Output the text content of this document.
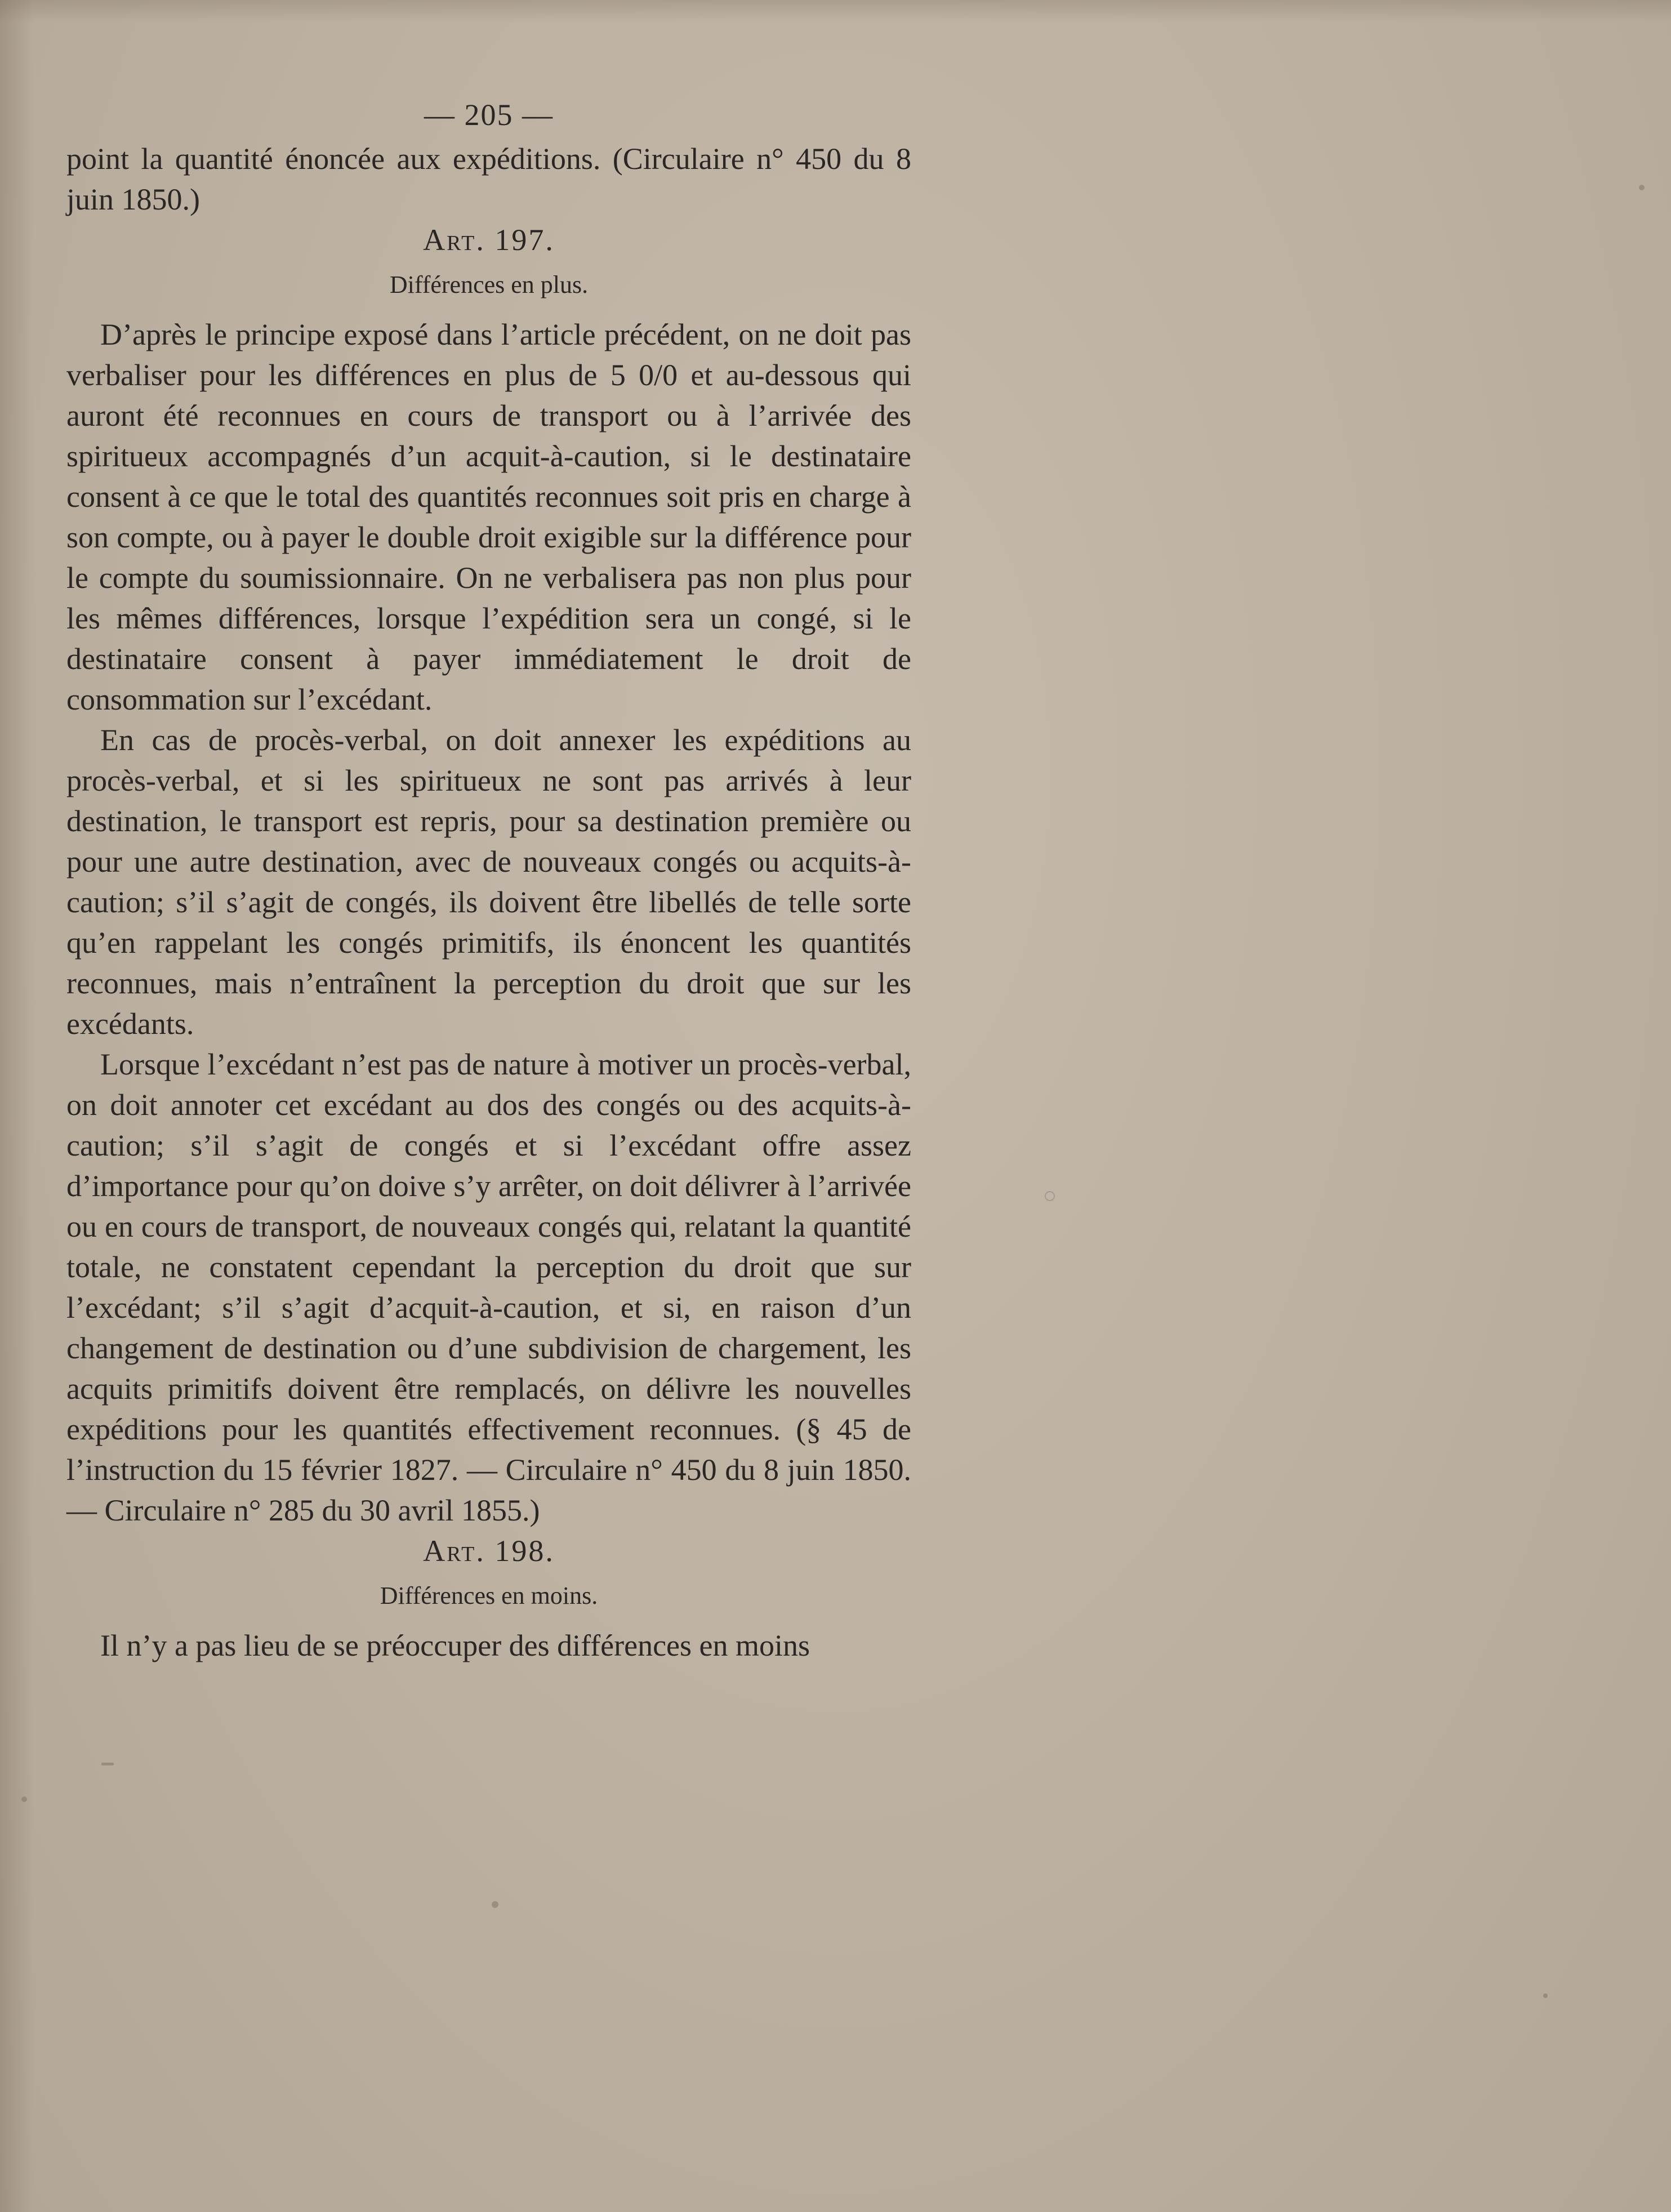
— 205 —

point la quantité énoncée aux expéditions. (Circulaire n° 450 du 8 juin 1850.)

Art. 197.
Différences en plus.

D’après le principe exposé dans l’article précédent, on ne doit pas verbaliser pour les différences en plus de 5 0/0 et au-dessous qui auront été reconnues en cours de transport ou à l’arrivée des spiritueux accompagnés d’un acquit-à-caution, si le destinataire consent à ce que le total des quantités reconnues soit pris en charge à son compte, ou à payer le double droit exigible sur la différence pour le compte du soumissionnaire. On ne verbalisera pas non plus pour les mêmes différences, lorsque l’expédition sera un congé, si le destinataire consent à payer immédiatement le droit de consommation sur l’excédant.

En cas de procès-verbal, on doit annexer les expéditions au procès-verbal, et si les spiritueux ne sont pas arrivés à leur destination, le transport est repris, pour sa destination première ou pour une autre destination, avec de nouveaux congés ou acquits-à-caution; s’il s’agit de congés, ils doivent être libellés de telle sorte qu’en rappelant les congés primitifs, ils énoncent les quantités reconnues, mais n’entraînent la perception du droit que sur les excédants.

Lorsque l’excédant n’est pas de nature à motiver un procès-verbal, on doit annoter cet excédant au dos des congés ou des acquits-à-caution; s’il s’agit de congés et si l’excédant offre assez d’importance pour qu’on doive s’y arrêter, on doit délivrer à l’arrivée ou en cours de transport, de nouveaux congés qui, relatant la quantité totale, ne constatent cependant la perception du droit que sur l’excédant; s’il s’agit d’acquit-à-caution, et si, en raison d’un changement de destination ou d’une subdivision de chargement, les acquits primitifs doivent être remplacés, on délivre les nouvelles expéditions pour les quantités effectivement reconnues. (§ 45 de l’instruction du 15 février 1827. — Circulaire n° 450 du 8 juin 1850. — Circulaire n° 285 du 30 avril 1855.)

Art. 198.
Différences en moins.

Il n’y a pas lieu de se préoccuper des différences en moins
